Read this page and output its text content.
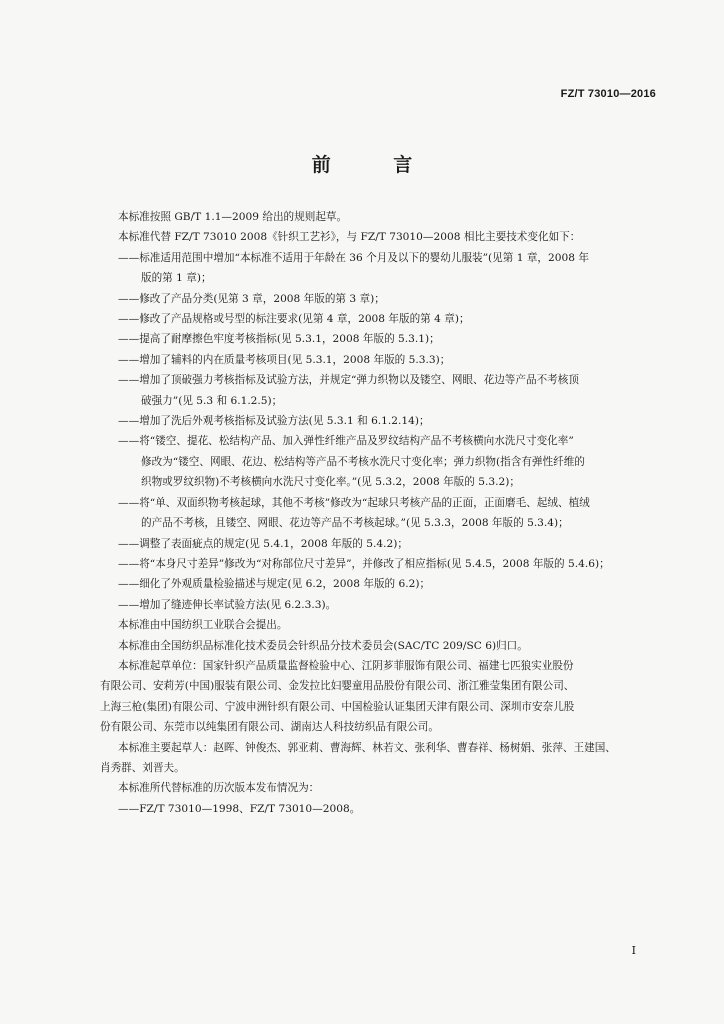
FZ/T 73010—2016
前 言

本标准按照 GB/T 1.1—2009 给出的规则起草。

本标准代替 FZ/T 73010 2008《针织工艺衫》，与 FZ/T 73010—2008 相比主要技术变化如下：

——标准适用范围中增加“本标准不适用于年龄在 36 个月及以下的婴幼儿服装”(见第 1 章，2008 年

版的第 1 章)；

——修改了产品分类(见第 3 章，2008 年版的第 3 章)；

——修改了产品规格或号型的标注要求(见第 4 章，2008 年版的第 4 章)；

——提高了耐摩擦色牢度考核指标(见 5.3.1，2008 年版的 5.3.1)；

——增加了辅料的内在质量考核项目(见 5.3.1，2008 年版的 5.3.3)；

——增加了顶破强力考核指标及试验方法，并规定“弹力织物以及镂空、网眼、花边等产品不考核顶

破强力”(见 5.3 和 6.1.2.5)；

——增加了洗后外观考核指标及试验方法(见 5.3.1 和 6.1.2.14)；

——将“镂空、提花、松结构产品、加入弹性纤维产品及罗纹结构产品不考核横向水洗尺寸变化率”

修改为“镂空、网眼、花边、松结构等产品不考核水洗尺寸变化率；弹力织物(指含有弹性纤维的

织物或罗纹织物)不考核横向水洗尺寸变化率。”(见 5.3.2，2008 年版的 5.3.2)；

——将“单、双面织物考核起球，其他不考核”修改为“起球只考核产品的正面，正面磨毛、起绒、植绒

的产品不考核，且镂空、网眼、花边等产品不考核起球。”(见 5.3.3，2008 年版的 5.3.4)；

——调整了表面疵点的规定(见 5.4.1，2008 年版的 5.4.2)；

——将“本身尺寸差异”修改为“对称部位尺寸差异”，并修改了相应指标(见 5.4.5，2008 年版的 5.4.6)；

——细化了外观质量检验描述与规定(见 6.2，2008 年版的 6.2)；

——增加了缝迹伸长率试验方法(见 6.2.3.3)。

本标准由中国纺织工业联合会提出。

本标准由全国纺织品标准化技术委员会针织品分技术委员会(SAC/TC 209/SC 6)归口。

本标准起草单位：国家针织产品质量监督检验中心、江阴芗菲服饰有限公司、福建七匹狼实业股份

有限公司、安莉芳(中国)服装有限公司、金发拉比妇婴童用品股份有限公司、浙江雅莹集团有限公司、

上海三枪(集团)有限公司、宁波申洲针织有限公司、中国检验认证集团天津有限公司、深圳市安奈儿股

份有限公司、东莞市以纯集团有限公司、湖南达人科技纺织品有限公司。

本标准主要起草人：赵晖、钟俊杰、郭亚莉、曹海辉、林若文、张利华、曹春祥、杨树娟、张萍、王建国、

肖秀群、刘晋夫。

本标准所代替标准的历次版本发布情况为：

——FZ/T 73010—1998、FZ/T 73010—2008。

I
